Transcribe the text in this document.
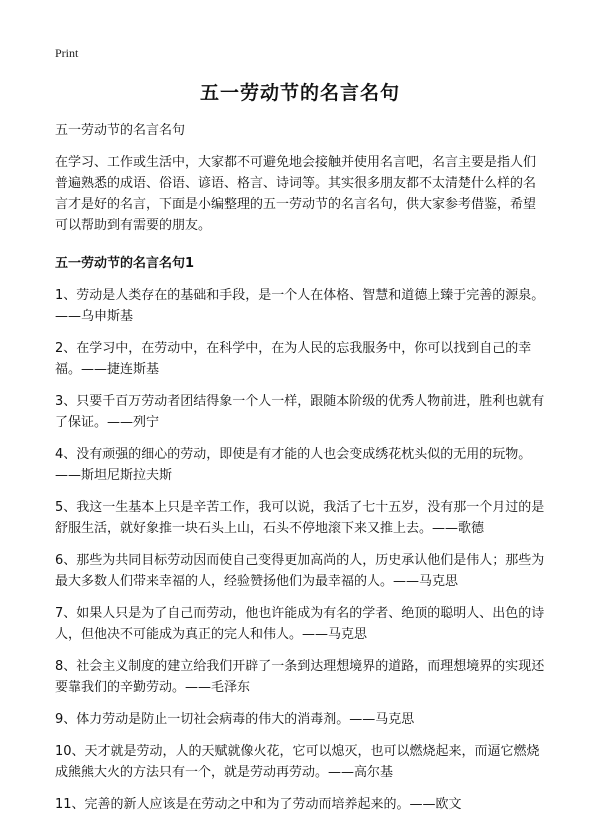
Print
五一劳动节的名言名句

五一劳动节的名言名句

在学习、工作或生活中，大家都不可避免地会接触并使用名言吧，名言主要是指人们普遍熟悉的成语、俗语、谚语、格言、诗词等。其实很多朋友都不太清楚什么样的名言才是好的名言，下面是小编整理的五一劳动节的名言名句，供大家参考借鉴，希望可以帮助到有需要的朋友。

五一劳动节的名言名句1

1、劳动是人类存在的基础和手段，是一个人在体格、智慧和道德上臻于完善的源泉。——乌申斯基

2、在学习中，在劳动中，在科学中，在为人民的忘我服务中，你可以找到自己的幸福。——捷连斯基

3、只要千百万劳动者团结得象一个人一样，跟随本阶级的优秀人物前进，胜利也就有了保证。——列宁

4、没有顽强的细心的劳动，即使是有才能的人也会变成绣花枕头似的无用的玩物。——斯坦尼斯拉夫斯

5、我这一生基本上只是辛苦工作，我可以说，我活了七十五岁，没有那一个月过的是舒服生活，就好象推一块石头上山，石头不停地滚下来又推上去。——歌德

6、那些为共同目标劳动因而使自己变得更加高尚的人，历史承认他们是伟人；那些为最大多数人们带来幸福的人，经验赞扬他们为最幸福的人。——马克思

7、如果人只是为了自己而劳动，他也许能成为有名的学者、绝顶的聪明人、出色的诗人，但他决不可能成为真正的完人和伟人。——马克思

8、社会主义制度的建立给我们开辟了一条到达理想境界的道路，而理想境界的实现还要靠我们的辛勤劳动。——毛泽东

9、体力劳动是防止一切社会病毒的伟大的消毒剂。——马克思

10、天才就是劳动，人的天赋就像火花，它可以熄灭，也可以燃烧起来，而逼它燃烧成熊熊大火的方法只有一个，就是劳动再劳动。——高尔基

11、完善的新人应该是在劳动之中和为了劳动而培养起来的。——欧文
